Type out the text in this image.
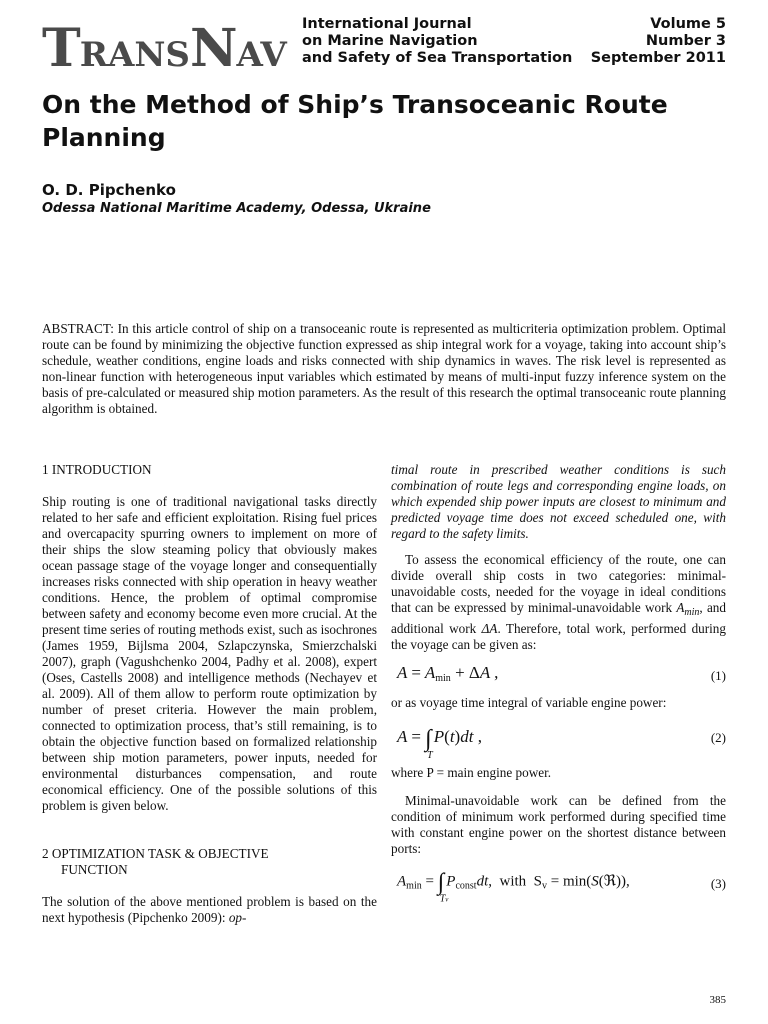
TRANSNAV
International Journal
on Marine Navigation
and Safety of Sea Transportation
Volume 5
Number 3
September 2011
On the Method of Ship’s Transoceanic Route Planning
O. D. Pipchenko
Odessa National Maritime Academy, Odessa, Ukraine
ABSTRACT: In this article control of ship on a transoceanic route is represented as multicriteria optimization problem. Optimal route can be found by minimizing the objective function expressed as ship integral work for a voyage, taking into account ship’s schedule, weather conditions, engine loads and risks connected with ship dynamics in waves. The risk level is represented as non-linear function with heterogeneous input variables which estimated by means of multi-input fuzzy inference system on the basis of pre-calculated or measured ship motion parameters. As the result of this research the optimal transoceanic route planning algorithm is obtained.
1 INTRODUCTION

Ship routing is one of traditional navigational tasks directly related to her safe and efficient exploitation. Rising fuel prices and overcapacity spurring owners to implement on more of their ships the slow steaming policy that obviously makes ocean passage stage of the voyage longer and consequentially increases risks connected with ship operation in heavy weather conditions. Hence, the problem of optimal compromise between safety and economy become even more crucial. At the present time series of routing methods exist, such as isochrones (James 1959, Bijlsma 2004, Szlapczynska, Smierzchalski 2007), graph (Vagushchenko 2004, Padhy et al. 2008), expert (Oses, Castells 2008) and intelligence methods (Nechayev et al. 2009). All of them allow to perform route optimization by number of preset criteria. However the main problem, connected to optimization process, that’s still remaining, is to obtain the objective function based on formalized relationship between ship motion parameters, power inputs, needed for environmental disturbances compensation, and route economical efficiency. One of the possible solutions of this problem is given below.

2 OPTIMIZATION TASK & OBJECTIVE
FUNCTION

The solution of the above mentioned problem is based on the next hypothesis (Pipchenko 2009): op-

timal route in prescribed weather conditions is such combination of route legs and corresponding engine loads, on which expended ship power inputs are closest to minimum and predicted voyage time does not exceed scheduled one, with regard to the safety limits.

To assess the economical efficiency of the route, one can divide overall ship costs in two categories: minimal-unavoidable costs, needed for the voyage in ideal conditions that can be expressed by minimal-unavoidable work $A_{min}$, and additional work ΔA. Therefore, total work, performed during the voyage can be given as:

$A = A_{min} + \Delta A$ ,	(1)

or as voyage time integral of variable engine power:

A = ∫
T
P(t)dt ,	(2)

where P = main engine power.

Minimal-unavoidable work can be defined from the condition of minimum work performed during specified time with constant engine power on the shortest distance between ports:

$A_{min}$ = ∫
Tv
$P_{const}dt$, with $S_v$ = min(S(ℜ)),	(3)
385
